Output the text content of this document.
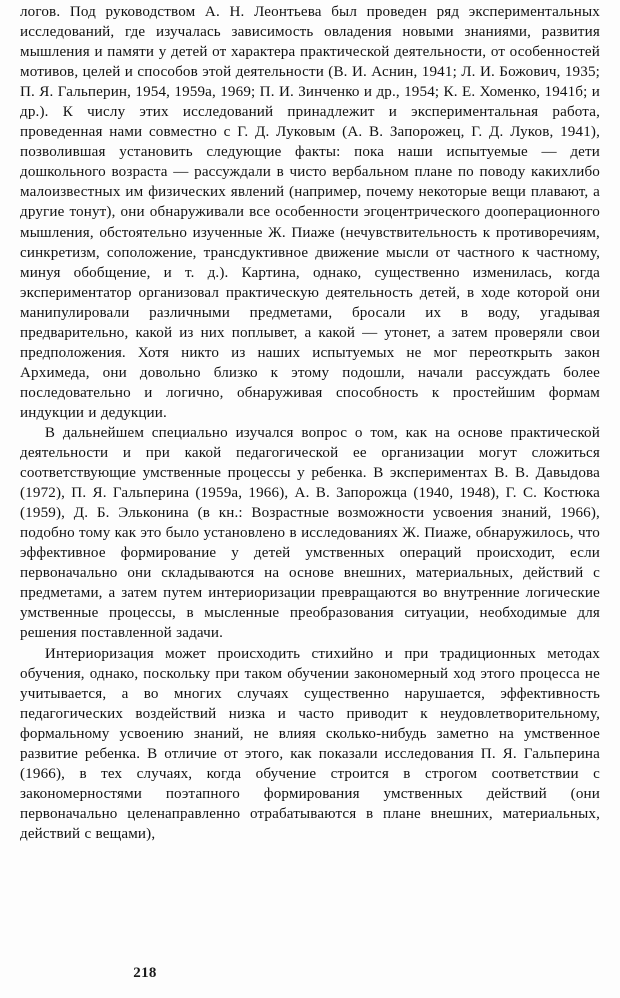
логов. Под руководством А. Н. Леонтьева был проведен ряд экспериментальных исследований, где изучалась зависимость овладения новыми знаниями, развития мышления и памяти у детей от характера практической деятельности, от особенностей мотивов, целей и способов этой деятельности (В. И. Аснин, 1941; Л. И. Божович, 1935; П. Я. Гальперин, 1954, 1959а, 1969; П. И. Зинченко и др., 1954; К. Е. Хоменко, 1941б; и др.). К числу этих исследований принадлежит и экспериментальная работа, проведенная нами совместно с Г. Д. Луковым (А. В. Запорожец, Г. Д. Луков, 1941), позволившая установить следующие факты: пока наши испытуемые — дети дошкольного возраста — рассуждали в чисто вербальном плане по поводу какихлибо малоизвестных им физических явлений (например, почему некоторые вещи плавают, а другие тонут), они обнаруживали все особенности эгоцентрического дооперационного мышления, обстоятельно изученные Ж. Пиаже (нечувствительность к противоречиям, синкретизм, соположение, трансдуктивное движение мысли от частного к частному, минуя обобщение, и т. д.). Картина, однако, существенно изменилась, когда экспериментатор организовал практическую деятельность детей, в ходе которой они манипулировали различными предметами, бросали их в воду, угадывая предварительно, какой из них поплывет, а какой — утонет, а затем проверяли свои предположения. Хотя никто из наших испытуемых не мог переоткрыть закон Архимеда, они довольно близко к этому подошли, начали рассуждать более последовательно и логично, обнаруживая способность к простейшим формам индукции и дедукции.

В дальнейшем специально изучался вопрос о том, как на основе практической деятельности и при какой педагогической ее организации могут сложиться соответствующие умственные процессы у ребенка. В экспериментах В. В. Давыдова (1972), П. Я. Гальперина (1959а, 1966), А. В. Запорожца (1940, 1948), Г. С. Костюка (1959), Д. Б. Эльконина (в кн.: Возрастные возможности усвоения знаний, 1966), подобно тому как это было установлено в исследованиях Ж. Пиаже, обнаружилось, что эффективное формирование у детей умственных операций происходит, если первоначально они складываются на основе внешних, материальных, действий с предметами, а затем путем интериоризации превращаются во внутренние логические умственные процессы, в мысленные преобразования ситуации, необходимые для решения поставленной задачи.

Интериоризация может происходить стихийно и при традиционных методах обучения, однако, поскольку при таком обучении закономерный ход этого процесса не учитывается, а во многих случаях существенно нарушается, эффективность педагогических воздействий низка и часто приводит к неудовлетворительному, формальному усвоению знаний, не влияя сколько-нибудь заметно на умственное развитие ребенка. В отличие от этого, как показали исследования П. Я. Гальперина (1966), в тех случаях, когда обучение строится в строгом соответствии с закономерностями поэтапного формирования умственных действий (они первоначально целенаправленно отрабатываются в плане внешних, материальных, действий с вещами),

218
